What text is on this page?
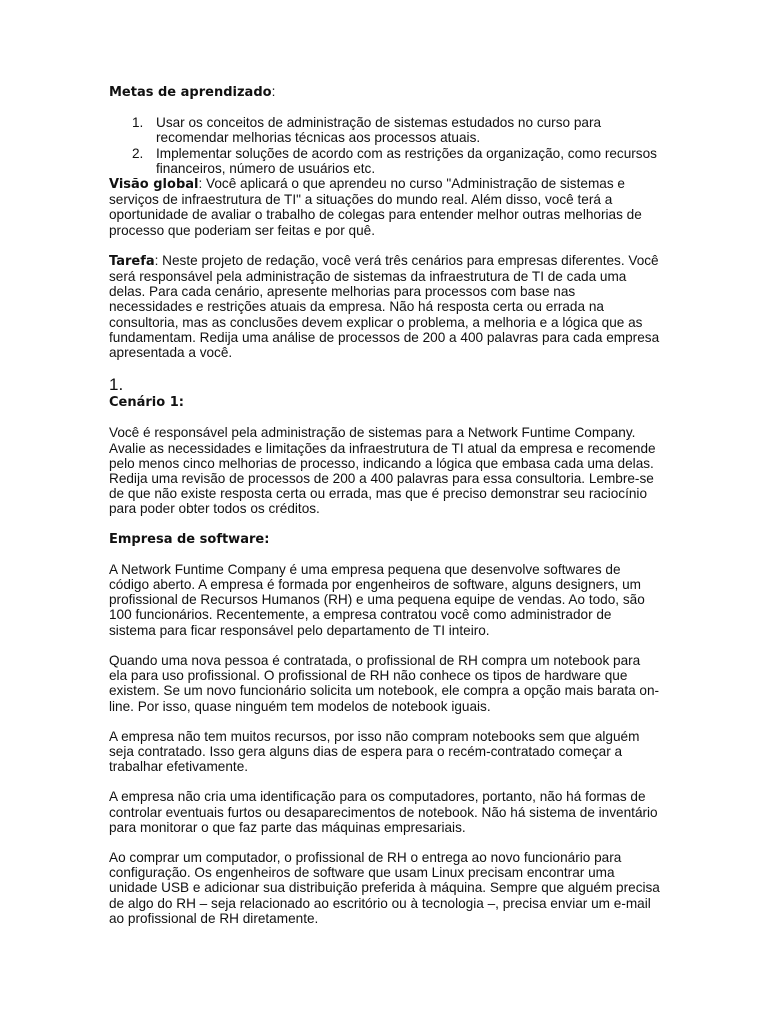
Metas de aprendizado:

1. Usar os conceitos de administração de sistemas estudados no curso para recomendar melhorias técnicas aos processos atuais.
2. Implementar soluções de acordo com as restrições da organização, como recursos financeiros, número de usuários etc.

Visão global: Você aplicará o que aprendeu no curso "Administração de sistemas e serviços de infraestrutura de TI" a situações do mundo real. Além disso, você terá a oportunidade de avaliar o trabalho de colegas para entender melhor outras melhorias de processo que poderiam ser feitas e por quê.

Tarefa: Neste projeto de redação, você verá três cenários para empresas diferentes. Você será responsável pela administração de sistemas da infraestrutura de TI de cada uma delas. Para cada cenário, apresente melhorias para processos com base nas necessidades e restrições atuais da empresa. Não há resposta certa ou errada na consultoria, mas as conclusões devem explicar o problema, a melhoria e a lógica que as fundamentam. Redija uma análise de processos de 200 a 400 palavras para cada empresa apresentada a você.

1.

Cenário 1:

Você é responsável pela administração de sistemas para a Network Funtime Company. Avalie as necessidades e limitações da infraestrutura de TI atual da empresa e recomende pelo menos cinco melhorias de processo, indicando a lógica que embasa cada uma delas. Redija uma revisão de processos de 200 a 400 palavras para essa consultoria. Lembre-se de que não existe resposta certa ou errada, mas que é preciso demonstrar seu raciocínio para poder obter todos os créditos.

Empresa de software:

A Network Funtime Company é uma empresa pequena que desenvolve softwares de código aberto. A empresa é formada por engenheiros de software, alguns designers, um profissional de Recursos Humanos (RH) e uma pequena equipe de vendas. Ao todo, são 100 funcionários. Recentemente, a empresa contratou você como administrador de sistema para ficar responsável pelo departamento de TI inteiro.

Quando uma nova pessoa é contratada, o profissional de RH compra um notebook para ela para uso profissional. O profissional de RH não conhece os tipos de hardware que existem. Se um novo funcionário solicita um notebook, ele compra a opção mais barata on-line. Por isso, quase ninguém tem modelos de notebook iguais.

A empresa não tem muitos recursos, por isso não compram notebooks sem que alguém seja contratado. Isso gera alguns dias de espera para o recém-contratado começar a trabalhar efetivamente.

A empresa não cria uma identificação para os computadores, portanto, não há formas de controlar eventuais furtos ou desaparecimentos de notebook. Não há sistema de inventário para monitorar o que faz parte das máquinas empresariais.

Ao comprar um computador, o profissional de RH o entrega ao novo funcionário para configuração. Os engenheiros de software que usam Linux precisam encontrar uma unidade USB e adicionar sua distribuição preferida à máquina. Sempre que alguém precisa de algo do RH – seja relacionado ao escritório ou à tecnologia –, precisa enviar um e-mail ao profissional de RH diretamente.
